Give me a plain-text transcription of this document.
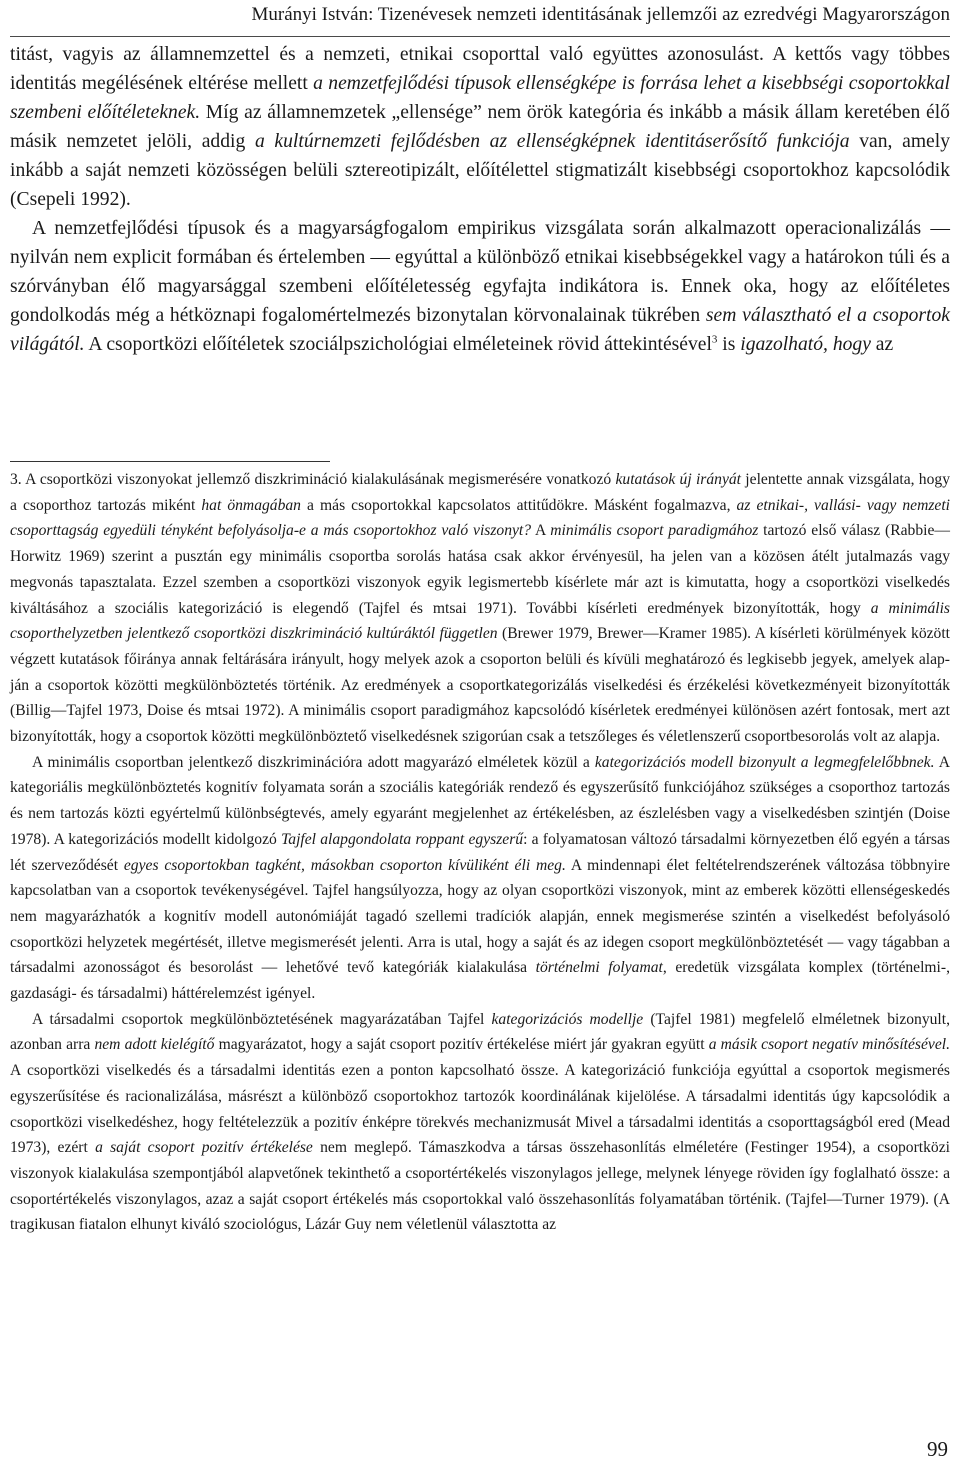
Murányi István: Tizenévesek nemzeti identitásának jellemzői az ezredvégi Magyarországon

titást, vagyis az államnemzettel és a nemzeti, etnikai csoporttal való együttes azonosulást. A kettős vagy többes identitás megélésének eltérése mellett a nemzetfejlődési típusok ellenségképe is forrása lehet a kisebbségi csoportokkal szembeni előítéleteknek. Míg az államnemzetek „ellensége” nem örök kategória és inkább a másik állam keretében élő másik nemzetet jelöli, addig a kultúrnemzeti fejlődésben az ellenségképnek identitáserősítő funkciója van, amely inkább a saját nemzeti közösségen belüli sztereotipizált, előítélettel stigmatizált kisebbségi csoportokhoz kapcsolódik (Csepeli 1992).

A nemzetfejlődési típusok és a magyarságfogalom empirikus vizsgálata során alkalmazott operacionalizálás — nyilván nem explicit formában és értelemben — egyúttal a különböző etnikai kisebbségekkel vagy a határokon túli és a szórványban élő magyarsággal szembeni előítéletesség egyfajta indikátora is. Ennek oka, hogy az előítéletes gondolkodás még a hétköznapi fogalomértelmezés bizonytalan körvonalainak tükrében sem választható el a csoportok világától. A csoportközi előítéletek szociálpszichológiai elméleteinek rövid áttekintésével$^3$ is igazolható, hogy az

3. A csoportközi viszonyokat jellemző diszkrimináció kialakulásának megismerésére vonatkozó kutatások új irányát jelentette annak vizsgálata, hogy a csoporthoz tartozás miként hat önmagában a más csoportokkal kapcsolatos attitűdökre. Másként fogalmazva, az etnikai-, vallási- vagy nemzeti csoporttagság egyedüli tényként befolyásolja-e a más csoportokhoz való viszonyt? A minimális csoport paradigmához tartozó első válasz (Rabbie—Horwitz 1969) szerint a pusztán egy minimális csoportba sorolás hatása csak akkor érvényesül, ha jelen van a közösen átélt jutalmazás vagy megvonás tapasztalata. Ezzel szemben a csoportközi viszonyok egyik legismertebb kísérlete már azt is kimutatta, hogy a csoportközi viselkedés kiváltásához a szociális kategorizáció is elegendő (Tajfel és mtsai 1971). További kísérleti eredmények bizonyították, hogy a minimális csoporthelyzetben jelentkező csoportközi diszkrimináció kultúráktól független (Brewer 1979, Brewer—Kramer 1985). A kísérleti körülmények között végzett kutatások főiránya annak feltárására irányult, hogy melyek azok a csoporton belüli és kívüli meghatározó és legkisebb jegyek, amelyek alapján a csoportok közötti megkülönböztetés történik. Az eredmények a csoportkategorizálás viselkedési és érzékelési következményeit bizonyították (Billig—Tajfel 1973, Doise és mtsai 1972). A minimális csoport paradigmához kapcsolódó kísérletek eredményei különösen azért fontosak, mert azt bizonyították, hogy a csoportok közötti megkülönböztető viselkedésnek szigorúan csak a tetszőleges és véletlenszerű csoportbesorolás volt az alapja.

A minimális csoportban jelentkező diszkriminációra adott magyarázó elméletek közül a kategorizációs modell bizonyult a legmegfelelőbbnek. A kategoriális megkülönböztetés kognitív folyamata során a szociális kategóriák rendező és egyszerűsítő funkciójához szükséges a csoporthoz tartozás és nem tartozás közti egyértelmű különbségtevés, amely egyaránt megjelenhet az értékelésben, az észlelésben vagy a viselkedésben szintjén (Doise 1978). A kategorizációs modellt kidolgozó Tajfel alapgondolata roppant egyszerű: a folyamatosan változó társadalmi környezetben élő egyén a társas lét szerveződését egyes csoportokban tagként, másokban csoporton kívüliként éli meg. A mindennapi élet feltételrendszerének változása többnyire kapcsolatban van a csoportok tevékenységével. Tajfel hangsúlyozza, hogy az olyan csoportközi viszonyok, mint az emberek közötti ellenségeskedés nem magyarázhatók a kognitív modell autonómiáját tagadó szellemi tradíciók alapján, ennek megismerése szintén a viselkedést befolyásoló csoportközi helyzetek megértését, illetve megismerését jelenti. Arra is utal, hogy a saját és az idegen csoport megkülönböztetését — vagy tágabban a társadalmi azonosságot és besorolást — lehetővé tevő kategóriák kialakulása történelmi folyamat, eredetük vizsgálata komplex (történelmi-, gazdasági- és társadalmi) háttérelemzést igényel.

A társadalmi csoportok megkülönböztetésének magyarázatában Tajfel kategorizációs modellje (Tajfel 1981) megfelelő elméletnek bizonyult, azonban arra nem adott kielégítő magyarázatot, hogy a saját csoport pozitív értékelése miért jár gyakran együtt a másik csoport negatív minősítésével. A csoportközi viselkedés és a társadalmi identitás ezen a ponton kapcsolható össze. A kategorizáció funkciója egyúttal a csoportok megismerés egyszerűsítése és racionalizálása, másrészt a különböző csoportokhoz tartozók koordinálának kijelölése. A társadalmi identitás úgy kapcsolódik a csoportközi viselkedéshez, hogy feltételezzük a pozitív énképre törekvés mechanizmusát Mivel a társadalmi identitás a csoporttagságból ered (Mead 1973), ezért a saját csoport pozitív értékelése nem meglepő. Támaszkodva a társas összehasonlítás elméletére (Festinger 1954), a csoportközi viszonyok kialakulása szempontjából alapvetőnek tekinthető a csoportértékelés viszonylagos jellege, melynek lényege röviden így foglalható össze: a csoportértékelés viszonylagos, azaz a saját csoport értékelés más csoportokkal való összehasonlítás folyamatában történik. (Tajfel—Turner 1979). (A tragikusan fiatalon elhunyt kiváló szociológus, Lázár Guy nem véletlenül választotta az

99
